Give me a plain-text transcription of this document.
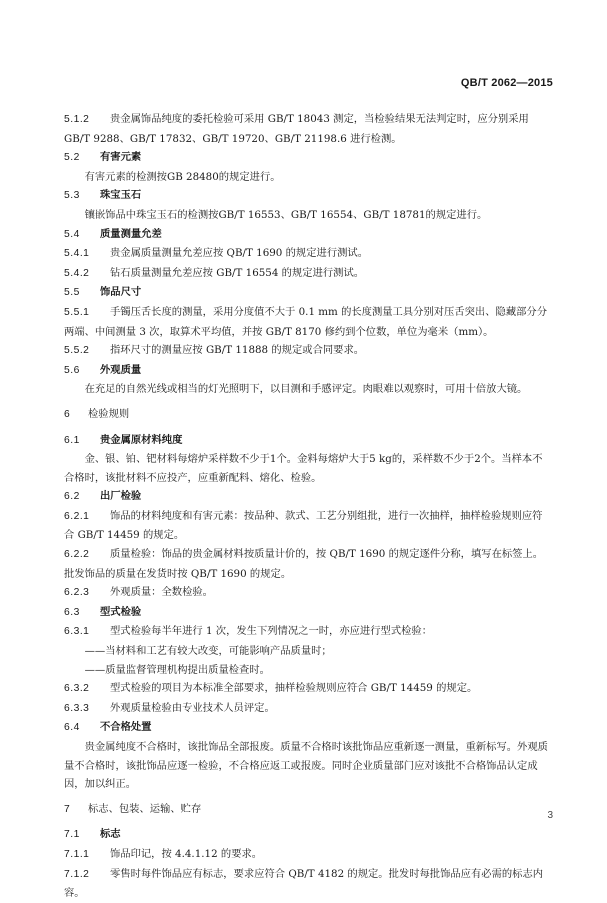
QB/T 2062—2015
5.1.2 贵金属饰品纯度的委托检验可采用 GB/T 18043 测定，当检验结果无法判定时，应分别采用 GB/T 9288、GB/T 17832、GB/T 19720、GB/T 21198.6 进行检测。
5.2 有害元素
有害元素的检测按GB 28480的规定进行。
5.3 珠宝玉石
镶嵌饰品中珠宝玉石的检测按GB/T 16553、GB/T 16554、GB/T 18781的规定进行。
5.4 质量测量允差
5.4.1 贵金属质量测量允差应按 QB/T 1690 的规定进行测试。
5.4.2 钻石质量测量允差应按 GB/T 16554 的规定进行测试。
5.5 饰品尺寸
5.5.1 手镯压舌长度的测量，采用分度值不大于 0.1 mm 的长度测量工具分别对压舌突出、隐藏部分分两端、中间测量 3 次，取算术平均值，并按 GB/T 8170 修约到个位数，单位为毫米（mm）。
5.5.2 指环尺寸的测量应按 GB/T 11888 的规定或合同要求。
5.6 外观质量
在充足的自然光线或相当的灯光照明下，以目测和手感评定。肉眼难以观察时，可用十倍放大镜。
6 检验规则
6.1 贵金属原材料纯度
金、银、铂、钯材料每熔炉采样数不少于1个。金料每熔炉大于5 kg的，采样数不少于2个。当样本不合格时，该批材料不应投产，应重新配料、熔化、检验。
6.2 出厂检验
6.2.1 饰品的材料纯度和有害元素：按品种、款式、工艺分别组批，进行一次抽样，抽样检验规则应符合 GB/T 14459 的规定。
6.2.2 质量检验：饰品的贵金属材料按质量计价的，按 QB/T 1690 的规定逐件分称，填写在标签上。批发饰品的质量在发货时按 QB/T 1690 的规定。
6.2.3 外观质量：全数检验。
6.3 型式检验
6.3.1 型式检验每半年进行 1 次，发生下列情况之一时，亦应进行型式检验：
——当材料和工艺有较大改变，可能影响产品质量时；
——质量监督管理机构提出质量检查时。
6.3.2 型式检验的项目为本标准全部要求，抽样检验规则应符合 GB/T 14459 的规定。
6.3.3 外观质量检验由专业技术人员评定。
6.4 不合格处置
贵金属纯度不合格时，该批饰品全部报废。质量不合格时该批饰品应重新逐一测量，重新标写。外观质量不合格时，该批饰品应逐一检验，不合格应返工或报废。同时企业质量部门应对该批不合格饰品认定成因，加以纠正。
7 标志、包装、运输、贮存
7.1 标志
7.1.1 饰品印记，按 4.4.1.12 的要求。
7.1.2 零售时每件饰品应有标志，要求应符合 QB/T 4182 的规定。批发时每批饰品应有必需的标志内容。
3
